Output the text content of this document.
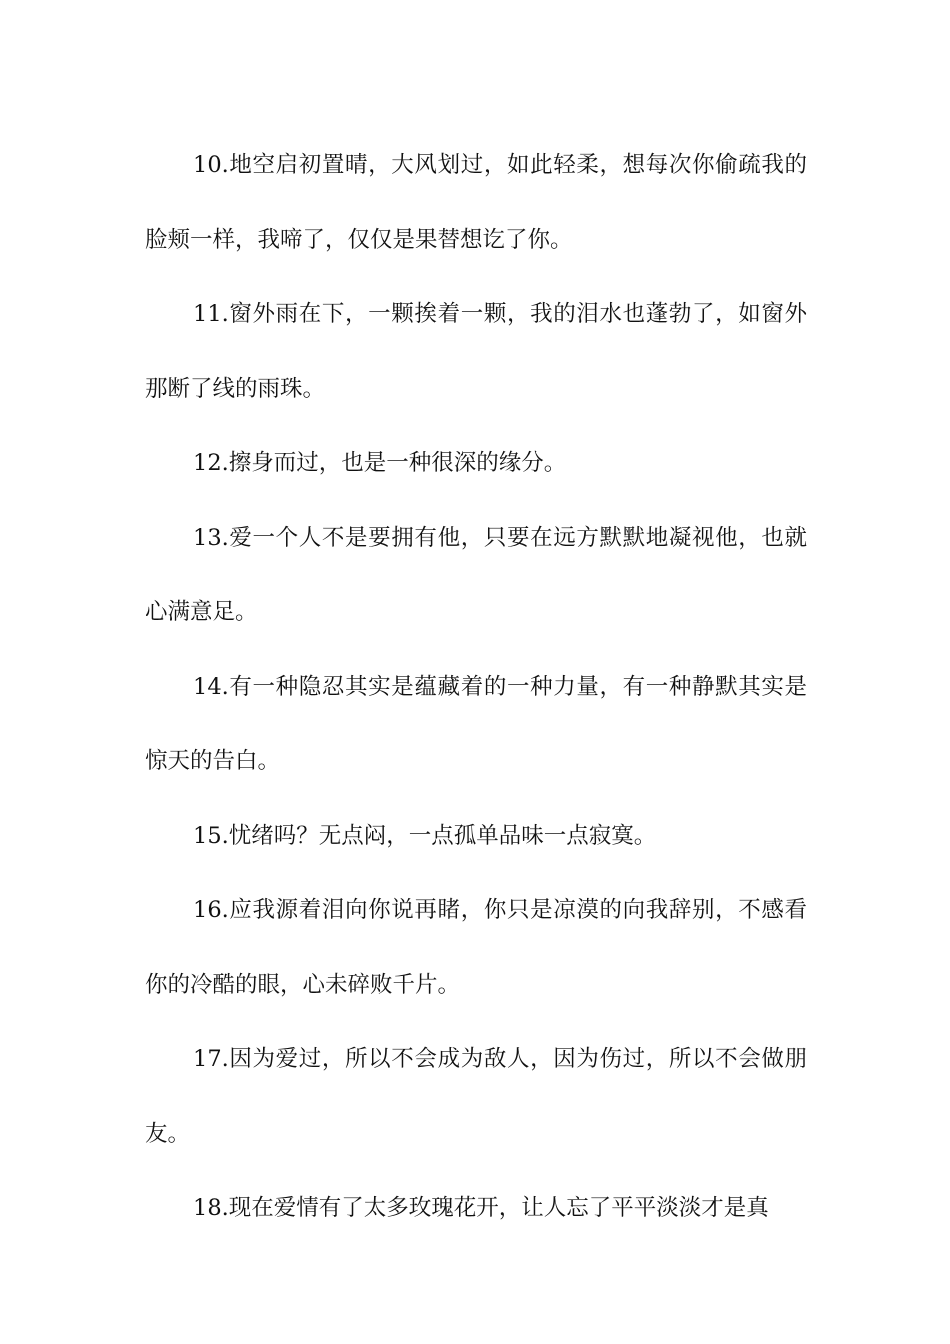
10.地空启初置晴，大风划过，如此轻柔，想每次你偷疏我的脸颊一样，我啼了，仅仅是果替想讫了你。

11.窗外雨在下，一颗挨着一颗，我的泪水也蓬勃了，如窗外那断了线的雨珠。

12.擦身而过，也是一种很深的缘分。

13.爱一个人不是要拥有他，只要在远方默默地凝视他，也就心满意足。

14.有一种隐忍其实是蕴藏着的一种力量，有一种静默其实是惊天的告白。

15.忧绪吗？无点闷，一点孤单品味一点寂寞。

16.应我源着泪向你说再睹，你只是凉漠的向我辞别，不感看你的冷酷的眼，心未碎败千片。

17.因为爱过，所以不会成为敌人，因为伤过，所以不会做朋友。

18.现在爱情有了太多玫瑰花开，让人忘了平平淡淡才是真
